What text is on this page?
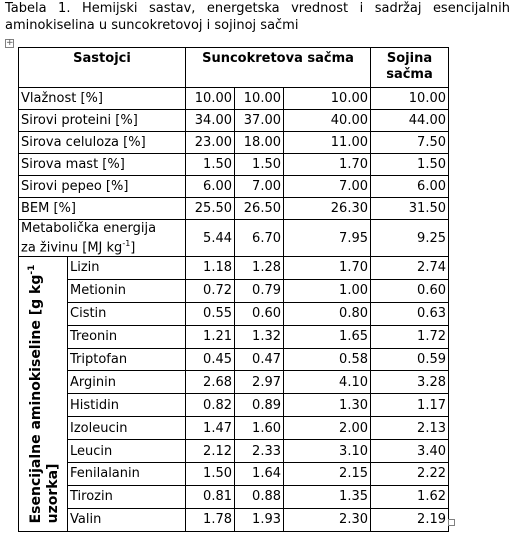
Tabela 1. Hemijski sastav, energetska vrednost i sadržaj esencijalnih
aminokiselina u suncokretovoj i sojinoj sačmi
+
Sastojci		Suncokretova sačma			Sojina sačma
Vlažnost [%]		10.00	10.00	10.00	10.00
Sirovi proteini [%]		34.00	37.00	40.00	44.00
Sirova celuloza [%]		23.00	18.00	11.00	7.50
Sirova mast [%]		1.50	1.50	1.70	1.50
Sirovi pepeo [%]		6.00	7.00	7.00	6.00
BEM [%]		25.50	26.50	26.30	31.50
Metabolička energija
za živinu [MJ $kg^{-1}$]		5.44	6.70	7.95	9.25

Esencijalne aminokiseline [g $kg^{-1}$
uzorka]	Lizin	1.18	1.28	1.70	2.74
	Metionin	0.72	0.79	1.00	0.60
	Cistin	0.55	0.60	0.80	0.63
	Treonin	1.21	1.32	1.65	1.72
	Triptofan	0.45	0.47	0.58	0.59
	Arginin	2.68	2.97	4.10	3.28
	Histidin	0.82	0.89	1.30	1.17
	Izoleucin	1.47	1.60	2.00	2.13
	Leucin	2.12	2.33	3.10	3.40
	Fenilalanin	1.50	1.64	2.15	2.22
	Tirozin	0.81	0.88	1.35	1.62
	Valin	1.78	1.93	2.30	2.19
